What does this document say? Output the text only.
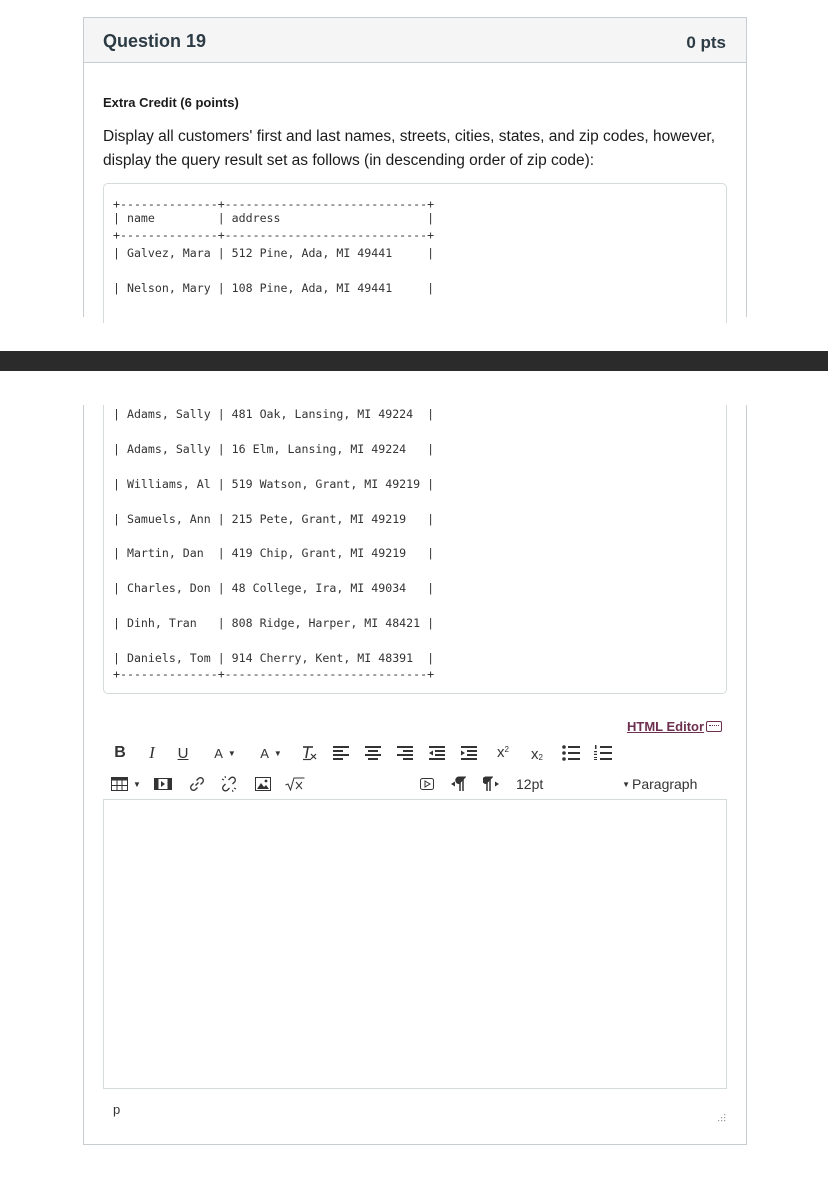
Question 19	0 pts
Extra Credit (6 points)
Display all customers' first and last names, streets, cities, states, and zip codes, however, display the query result set as follows (in descending order of zip code):
+--------------+-----------------------------+
| name         | address                     |
+--------------+-----------------------------+
| Galvez, Mara | 512 Pine, Ada, MI 49441     |
| Nelson, Mary | 108 Pine, Ada, MI 49441     |
| Adams, Sally | 481 Oak, Lansing, MI 49224  |
| Adams, Sally | 16 Elm, Lansing, MI 49224   |
| Williams, Al | 519 Watson, Grant, MI 49219 |
| Samuels, Ann | 215 Pete, Grant, MI 49219   |
| Martin, Dan  | 419 Chip, Grant, MI 49219   |
| Charles, Don | 48 College, Ira, MI 49034   |
| Dinh, Tran   | 808 Ridge, Harper, MI 48421 |
| Daniels, Tom | 914 Cherry, Kent, MI 48391  |
+--------------+-----------------------------+
HTML Editor
B I U A ▼ A ▼	x 2 x 2
▼	12pt	▼ Paragraph
p
